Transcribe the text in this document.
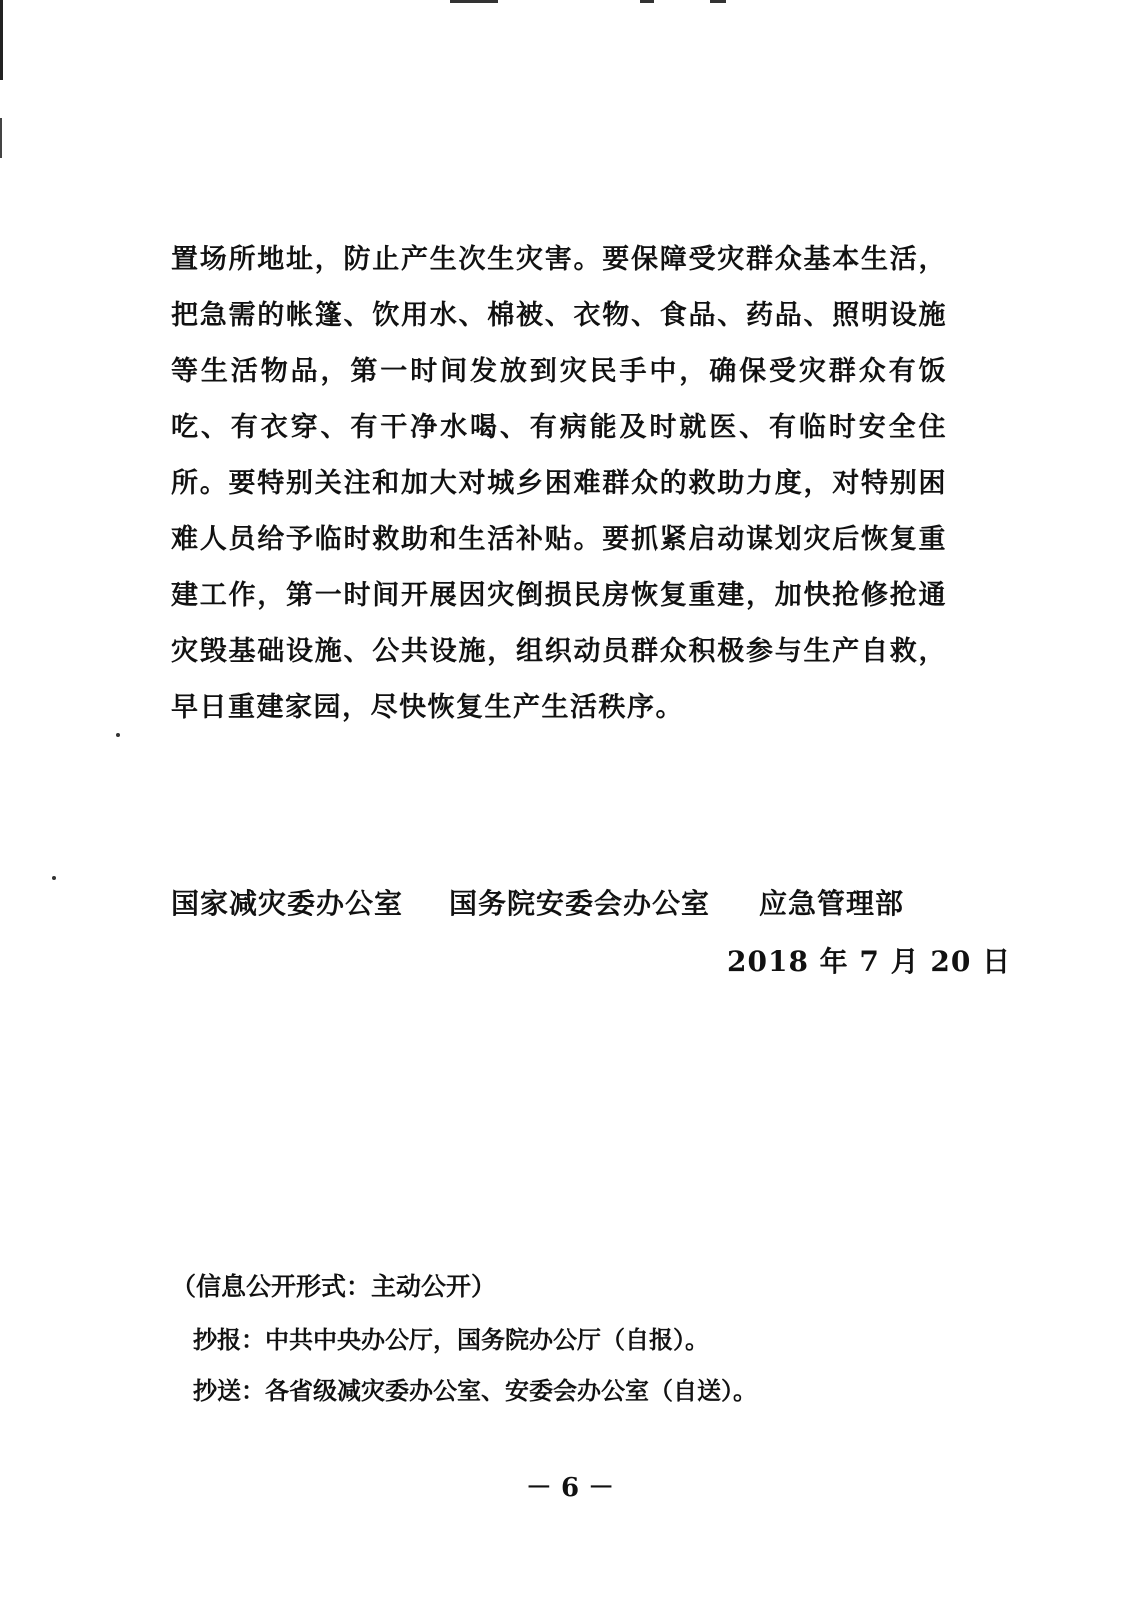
置场所地址，防止产生次生灾害。要保障受灾群众基本生活，把急需的帐篷、饮用水、棉被、衣物、食品、药品、照明设施等生活物品，第一时间发放到灾民手中，确保受灾群众有饭吃、有衣穿、有干净水喝、有病能及时就医、有临时安全住所。要特别关注和加大对城乡困难群众的救助力度，对特别困难人员给予临时救助和生活补贴。要抓紧启动谋划灾后恢复重建工作，第一时间开展因灾倒损民房恢复重建，加快抢修抢通灾毁基础设施、公共设施，组织动员群众积极参与生产自救，早日重建家园，尽快恢复生产生活秩序。

国家减灾委办公室 国务院安委会办公室 应急管理部
2018 年 7 月 20 日
（信息公开形式：主动公开）
抄报：中共中央办公厅，国务院办公厅（自报）。
抄送：各省级减灾委办公室、安委会办公室（自送）。
－ 6 －
